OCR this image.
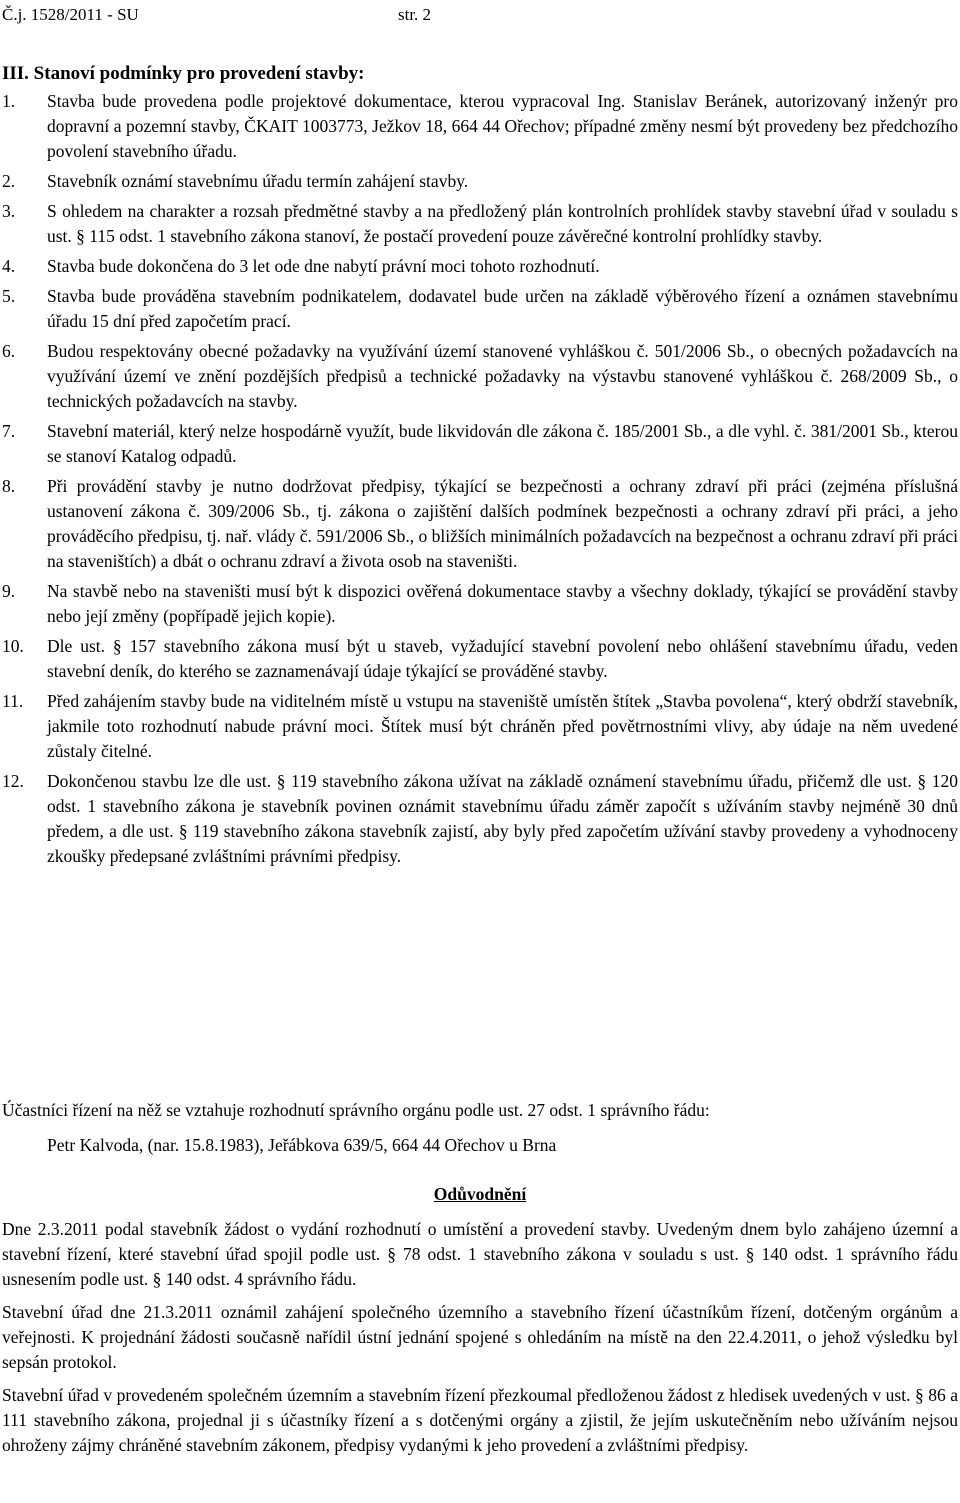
Č.j. 1528/2011 - SU	str. 2
III. Stanoví podmínky pro provedení stavby:
1. Stavba bude provedena podle projektové dokumentace, kterou vypracoval Ing. Stanislav Beránek, autorizovaný inženýr pro dopravní a pozemní stavby, ČKAIT 1003773, Ježkov 18, 664 44 Ořechov; případné změny nesmí být provedeny bez předchozího povolení stavebního úřadu.
2. Stavebník oznámí stavebnímu úřadu termín zahájení stavby.
3. S ohledem na charakter a rozsah předmětné stavby a na předložený plán kontrolních prohlídek stavby stavební úřad v souladu s ust. § 115 odst. 1 stavebního zákona stanoví, že postačí provedení pouze závěrečné kontrolní prohlídky stavby.
4. Stavba bude dokončena do 3 let ode dne nabytí právní moci tohoto rozhodnutí.
5. Stavba bude prováděna stavebním podnikatelem, dodavatel bude určen na základě výběrového řízení a oznámen stavebnímu úřadu 15 dní před započetím prací.
6. Budou respektovány obecné požadavky na využívání území stanovené vyhláškou č. 501/2006 Sb., o obecných požadavcích na využívání území ve znění pozdějších předpisů a technické požadavky na výstavbu stanovené vyhláškou č. 268/2009 Sb., o technických požadavcích na stavby.
7. Stavební materiál, který nelze hospodárně využít, bude likvidován dle zákona č. 185/2001 Sb., a dle vyhl. č. 381/2001 Sb., kterou se stanoví Katalog odpadů.
8. Při provádění stavby je nutno dodržovat předpisy, týkající se bezpečnosti a ochrany zdraví při práci (zejména příslušná ustanovení zákona č. 309/2006 Sb., tj. zákona o zajištění dalších podmínek bezpečnosti a ochrany zdraví při práci, a jeho prováděcího předpisu, tj. nař. vlády č. 591/2006 Sb., o bližších minimálních požadavcích na bezpečnost a ochranu zdraví při práci na staveništích) a dbát o ochranu zdraví a života osob na staveništi.
9. Na stavbě nebo na staveništi musí být k dispozici ověřená dokumentace stavby a všechny doklady, týkající se provádění stavby nebo její změny (popřípadě jejich kopie).
10. Dle ust. § 157 stavebního zákona musí být u staveb, vyžadující stavební povolení nebo ohlášení stavebnímu úřadu, veden stavební deník, do kterého se zaznamenávají údaje týkající se prováděné stavby.
11. Před zahájením stavby bude na viditelném místě u vstupu na staveniště umístěn štítek „Stavba povolena“, který obdrží stavebník, jakmile toto rozhodnutí nabude právní moci. Štítek musí být chráněn před povětrnostními vlivy, aby údaje na něm uvedené zůstaly čitelné.
12. Dokončenou stavbu lze dle ust. § 119 stavebního zákona užívat na základě oznámení stavebnímu úřadu, přičemž dle ust. § 120 odst. 1 stavebního zákona je stavebník povinen oznámit stavebnímu úřadu záměr započít s užíváním stavby nejméně 30 dnů předem, a dle ust. § 119 stavebního zákona stavebník zajistí, aby byly před započetím užívání stavby provedeny a vyhodnoceny zkoušky předepsané zvláštními právními předpisy.
Účastníci řízení na něž se vztahuje rozhodnutí správního orgánu podle ust. 27 odst. 1 správního řádu:
Petr Kalvoda, (nar. 15.8.1983), Jeřábkova 639/5, 664 44 Ořechov u Brna
Odůvodnění

Dne 2.3.2011 podal stavebník žádost o vydání rozhodnutí o umístění a provedení stavby. Uvedeným dnem bylo zahájeno územní a stavební řízení, které stavební úřad spojil podle ust. § 78 odst. 1 stavebního zákona v souladu s ust. § 140 odst. 1 správního řádu usnesením podle ust. § 140 odst. 4 správního řádu.

Stavební úřad dne 21.3.2011 oznámil zahájení společného územního a stavebního řízení účastníkům řízení, dotčeným orgánům a veřejnosti. K projednání žádosti současně nařídil ústní jednání spojené s ohledáním na místě na den 22.4.2011, o jehož výsledku byl sepsán protokol.

Stavební úřad v provedeném společném územním a stavebním řízení přezkoumal předloženou žádost z hledisek uvedených v ust. § 86 a 111 stavebního zákona, projednal ji s účastníky řízení a s dotčenými orgány a zjistil, že jejím uskutečněním nebo užíváním nejsou ohroženy zájmy chráněné stavebním zákonem, předpisy vydanými k jeho provedení a zvláštními předpisy.
